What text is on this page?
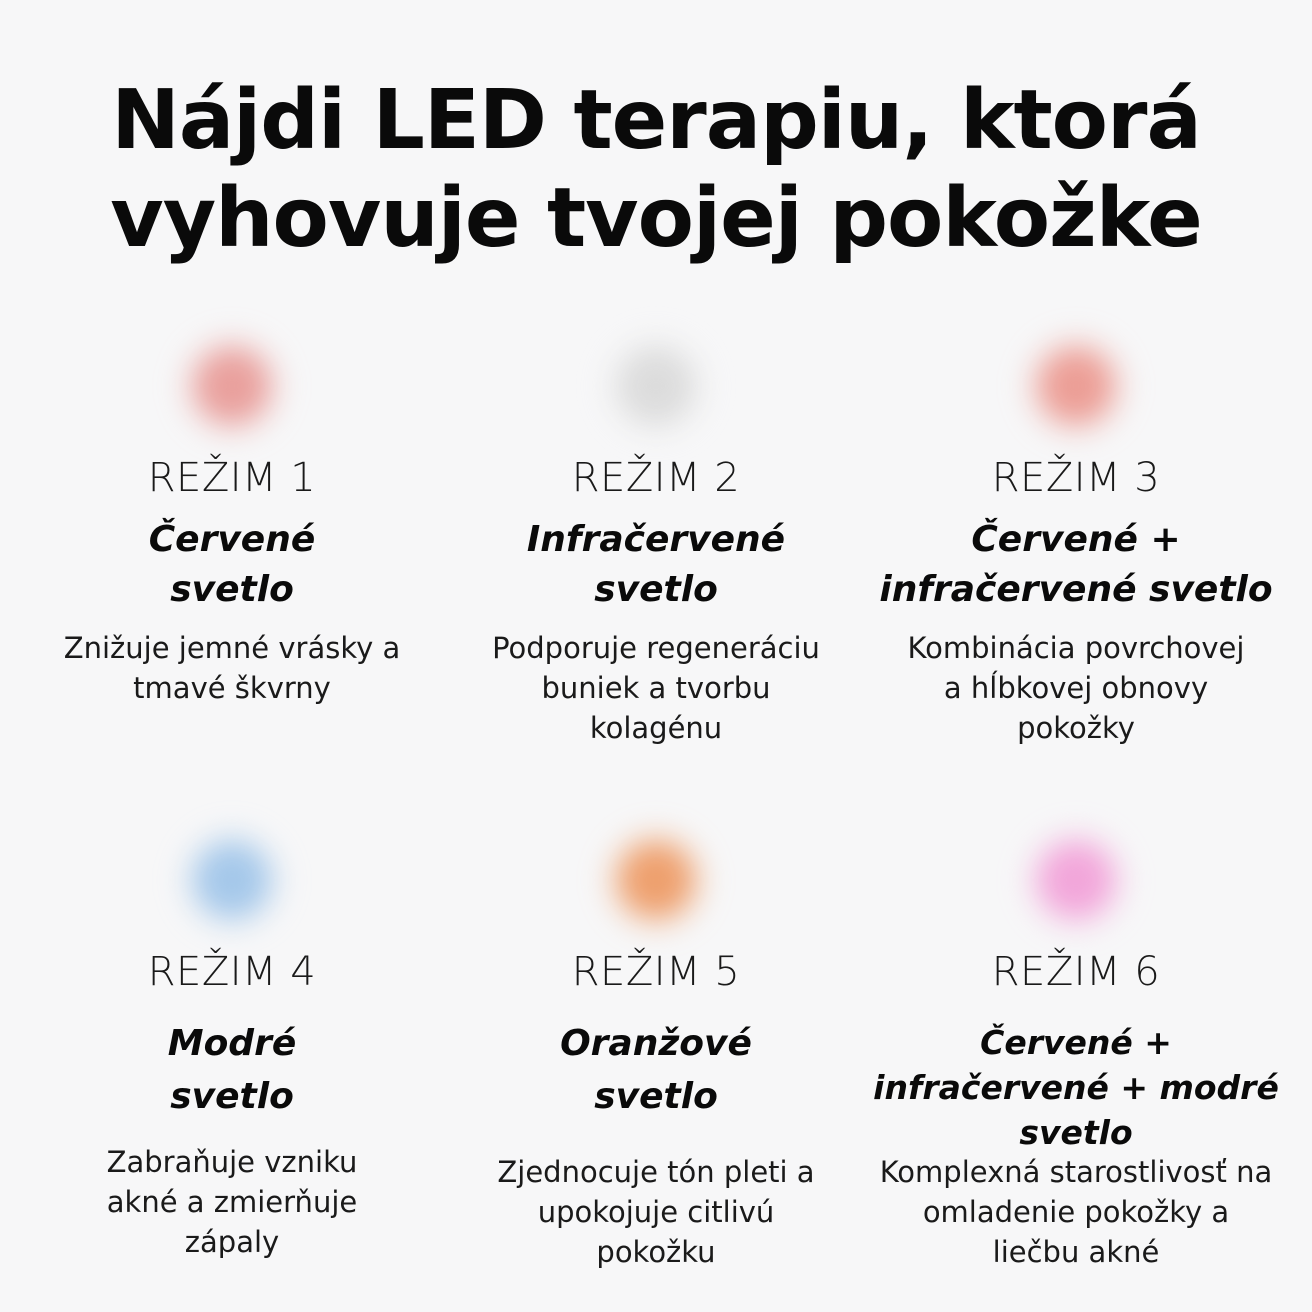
Nájdi LED terapiu, ktorá
vyhovuje tvojej pokožke
REŽIM 1
Červené
svetlo
Znižuje jemné vrásky a
tmavé škvrny
REŽIM 2
Infračervené
svetlo
Podporuje regeneráciu
buniek a tvorbu
kolagénu
REŽIM 3
Červené +
infračervené svetlo
Kombinácia povrchovej
a hĺbkovej obnovy
pokožky
REŽIM 4
Modré
svetlo
Zabraňuje vzniku
akné a zmierňuje
zápaly
REŽIM 5
Oranžové
svetlo
Zjednocuje tón pleti a
upokojuje citlivú
pokožku
REŽIM 6
Červené +
infračervené + modré
svetlo
Komplexná starostlivosť na
omladenie pokožky a
liečbu akné
